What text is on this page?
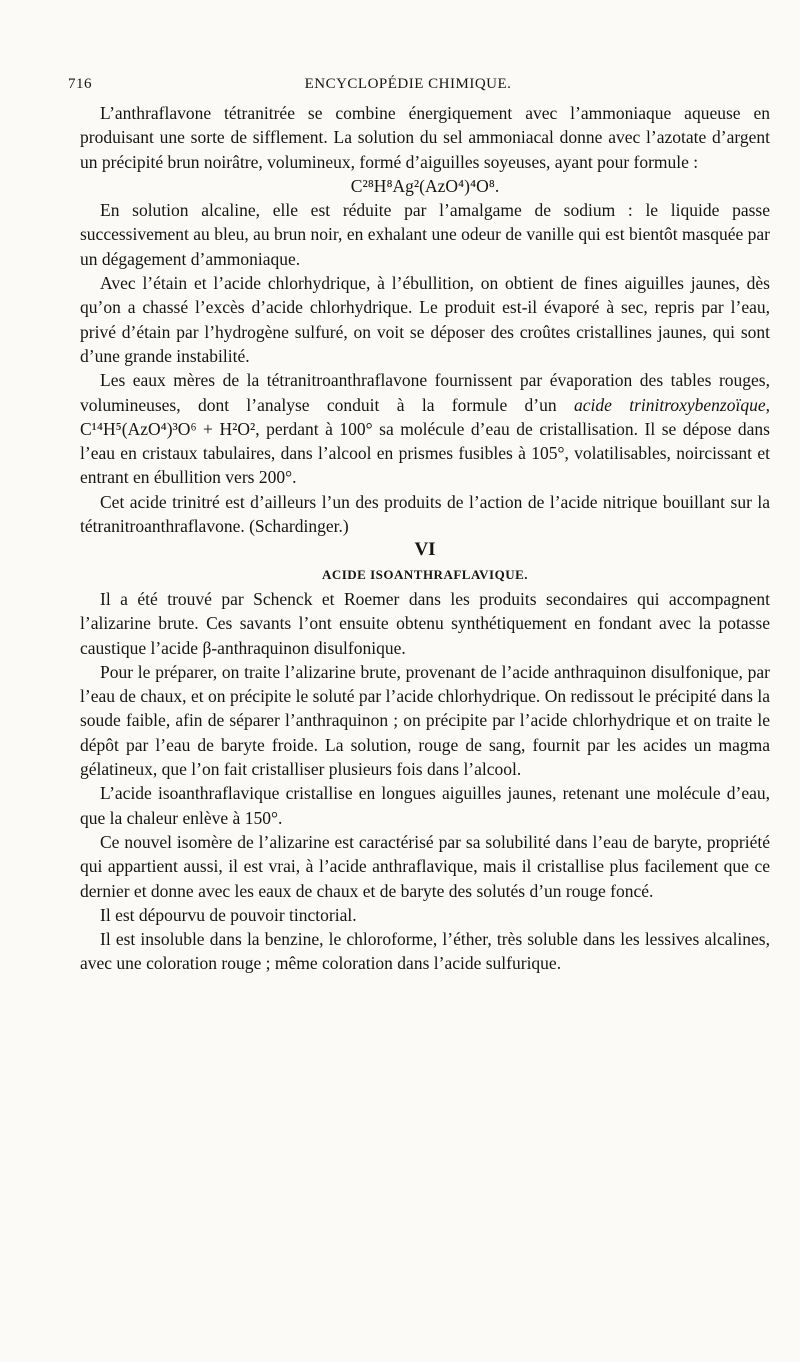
716	ENCYCLOPÉDIE CHIMIQUE.

L’anthraflavone tétranitrée se combine énergiquement avec l’ammoniaque aqueuse en produisant une sorte de sifflement. La solution du sel ammoniacal donne avec l’azotate d’argent un précipité brun noirâtre, volumineux, formé d’aiguilles soyeuses, ayant pour formule :

C²⁸H⁸Ag²(AzO⁴)⁴O⁸.

En solution alcaline, elle est réduite par l’amalgame de sodium : le liquide passe successivement au bleu, au brun noir, en exhalant une odeur de vanille qui est bientôt masquée par un dégagement d’ammoniaque.

Avec l’étain et l’acide chlorhydrique, à l’ébullition, on obtient de fines aiguilles jaunes, dès qu’on a chassé l’excès d’acide chlorhydrique. Le produit est-il évaporé à sec, repris par l’eau, privé d’étain par l’hydrogène sulfuré, on voit se déposer des croûtes cristallines jaunes, qui sont d’une grande instabilité.

Les eaux mères de la tétranitroanthraflavone fournissent par évaporation des tables rouges, volumineuses, dont l’analyse conduit à la formule d’un acide trinitroxybenzoïque, C¹⁴H⁵(AzO⁴)³O⁶ + H²O², perdant à 100° sa molécule d’eau de cristallisation. Il se dépose dans l’eau en cristaux tabulaires, dans l’alcool en prismes fusibles à 105°, volatilisables, noircissant et entrant en ébullition vers 200°.

Cet acide trinitré est d’ailleurs l’un des produits de l’action de l’acide nitrique bouillant sur la tétranitroanthraflavone. (Schardinger.)

VI

ACIDE ISOANTHRAFLAVIQUE.

Il a été trouvé par Schenck et Roemer dans les produits secondaires qui accompagnent l’alizarine brute. Ces savants l’ont ensuite obtenu synthétiquement en fondant avec la potasse caustique l’acide β-anthraquinon disulfonique.

Pour le préparer, on traite l’alizarine brute, provenant de l’acide anthraquinon disulfonique, par l’eau de chaux, et on précipite le soluté par l’acide chlorhydrique. On redissout le précipité dans la soude faible, afin de séparer l’anthraquinon ; on précipite par l’acide chlorhydrique et on traite le dépôt par l’eau de baryte froide. La solution, rouge de sang, fournit par les acides un magma gélatineux, que l’on fait cristalliser plusieurs fois dans l’alcool.

L’acide isoanthraflavique cristallise en longues aiguilles jaunes, retenant une molécule d’eau, que la chaleur enlève à 150°.

Ce nouvel isomère de l’alizarine est caractérisé par sa solubilité dans l’eau de baryte, propriété qui appartient aussi, il est vrai, à l’acide anthraflavique, mais il cristallise plus facilement que ce dernier et donne avec les eaux de chaux et de baryte des solutés d’un rouge foncé.

Il est dépourvu de pouvoir tinctorial.

Il est insoluble dans la benzine, le chloroforme, l’éther, très soluble dans les lessives alcalines, avec une coloration rouge ; même coloration dans l’acide sulfurique.
